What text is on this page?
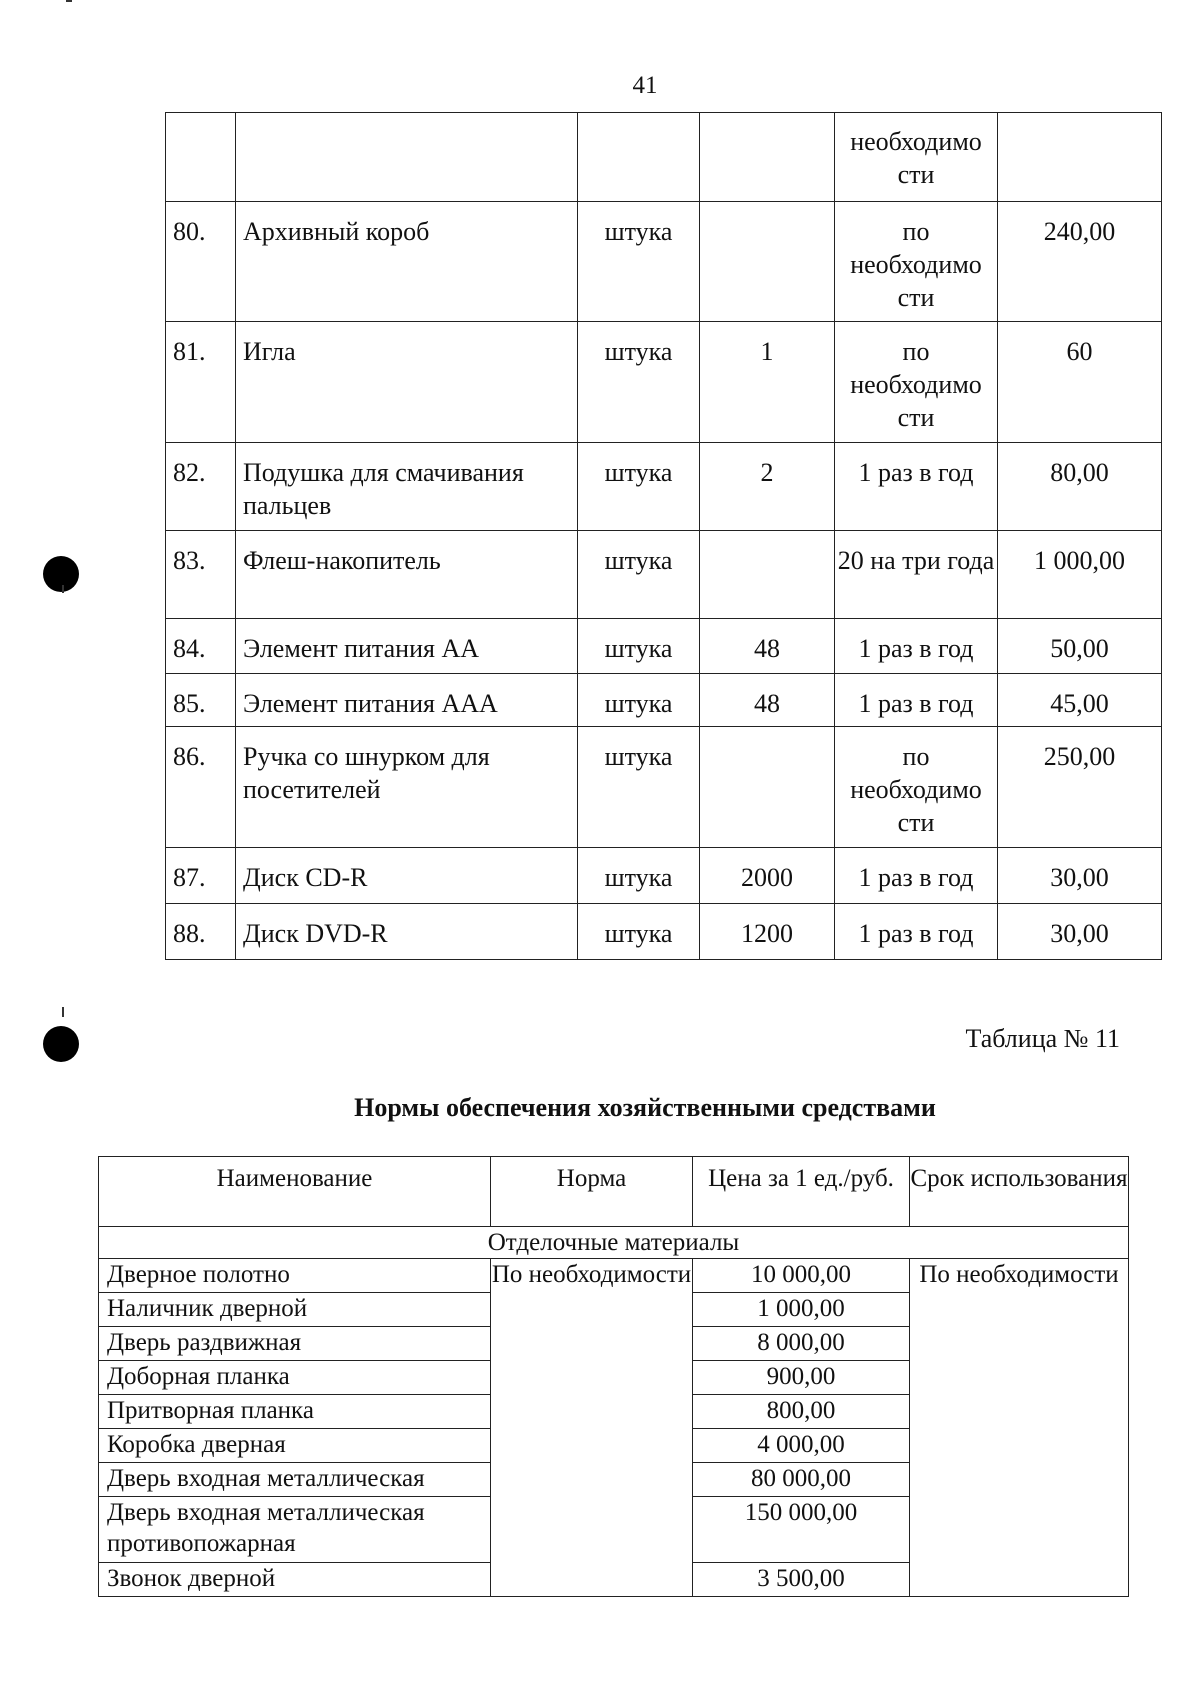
41
				необходимо сти	
80.	Архивный короб	штука		по необходимо сти	240,00
81.	Игла	штука	1	по необходимо сти	60
82.	Подушка для смачивания пальцев	штука	2	1 раз в год	80,00
83.	Флеш-накопитель	штука		20 на три года	1 000,00
84.	Элемент питания АА	штука	48	1 раз в год	50,00
85.	Элемент питания ААА	штука	48	1 раз в год	45,00
86.	Ручка со шнурком для посетителей	штука		по необходимо сти	250,00
87.	Диск CD-R	штука	2000	1 раз в год	30,00
88.	Диск DVD-R	штука	1200	1 раз в год	30,00
Таблица № 11
Нормы обеспечения хозяйственными средствами
Наименование	Норма	Цена за 1 ед./руб.	Срок использования
Отделочные материалы			
Дверное полотно	По необходимости	10 000,00	По необходимости
Наличник дверной		1 000,00	
Дверь раздвижная		8 000,00	
Доборная планка		900,00	
Притворная планка		800,00	
Коробка дверная		4 000,00	
Дверь входная металлическая		80 000,00	
Дверь входная металлическая противопожарная		150 000,00	
Звонок дверной		3 500,00	
